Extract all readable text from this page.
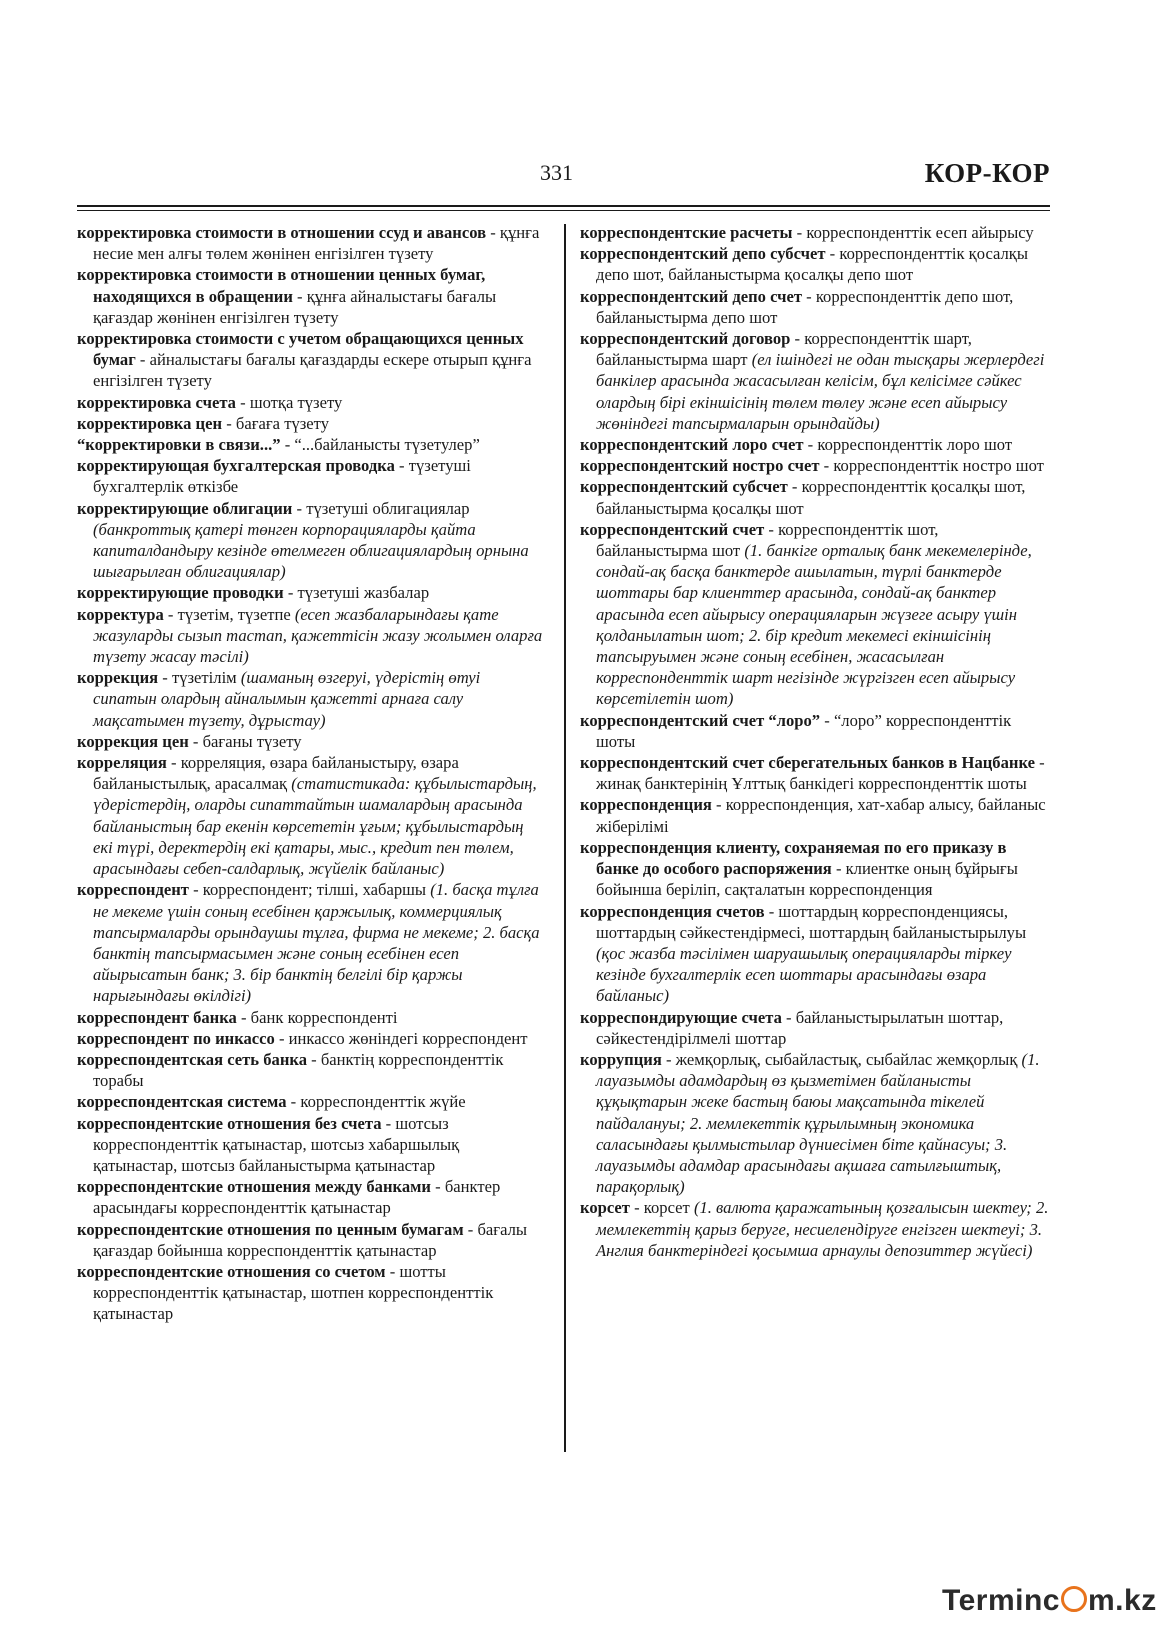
331	КОР-КОР

корректировка стоимости в отношении ссуд и авансов - құнға несие мен алғы төлем жөнінен енгізілген түзету

корректировка стоимости в отношении ценных бумаг, находящихся в обращении - құнға айналыстағы бағалы қағаздар жөнінен енгізілген түзету

корректировка стоимости с учетом обращающихся ценных бумаг - айналыстағы бағалы қағаздарды ескере отырып құнға енгізілген түзету

корректировка счета - шотқа түзету

корректировка цен - бағаға түзету

“корректировки в связи...” - “...байланысты түзетулер”

корректирующая бухгалтерская проводка - түзетуші бухгалтерлік өткізбе

корректирующие облигации - түзетуші облигациялар (банкроттық қатері төнген корпорацияларды қайта капиталдандыру кезінде өтелмеген облигациялардың орнына шығарылған облигациялар)

корректирующие проводки - түзетуші жазбалар

корректура - түзетім, түзетпе (есеп жазбаларындағы қате жазуларды сызып тастап, қажеттісін жазу жолымен оларға түзету жасау тәсілі)

коррекция - түзетілім (шаманың өзгеруі, үдерістің өтуі сипатын олардың айналымын қажетті арнаға салу мақсатымен түзету, дұрыстау)

коррекция цен - бағаны түзету

корреляция - корреляция, өзара байланыстыру, өзара байланыстылық, арасалмақ (статистикада: құбылыстардың, үдерістердің, оларды сипаттайтын шамалардың арасында байланыстың бар екенін көрсететін ұғым; құбылыстардың екі түрі, деректердің екі қатары, мыс., кредит пен төлем, арасындағы себеп-салдарлық, жүйелік байланыс)

корреспондент - корреспондент; тілші, хабаршы (1. басқа тұлға не мекеме үшін соның есебінен қаржылық, коммерциялық тапсырмаларды орындаушы тұлға, фирма не мекеме; 2. басқа банктің тапсырмасымен және соның есебінен есеп айырысатын банк; 3. бір банктің белгілі бір қаржы нарығындағы өкілдігі)

корреспондент банка - банк корреспонденті

корреспондент по инкассо - инкассо жөніндегі корреспондент

корреспондентская сеть банка - банктің корреспонденттік торабы

корреспондентская система - корреспонденттік жүйе

корреспондентские отношения без счета - шотсыз корреспонденттік қатынастар, шотсыз хабаршылық қатынастар, шотсыз байланыстырма қатынастар

корреспондентские отношения между банками - банктер арасындағы корреспонденттік қатынастар

корреспондентские отношения по ценным бумагам - бағалы қағаздар бойынша корреспонденттік қатынастар

корреспондентские отношения со счетом - шотты корреспонденттік қатынастар, шотпен корреспонденттік қатынастар

корреспондентские расчеты - корреспонденттік есеп айырысу

корреспондентский депо субсчет - корреспонденттік қосалқы депо шот, байланыстырма қосалқы депо шот

корреспондентский депо счет - корреспонденттік депо шот, байланыстырма депо шот

корреспондентский договор - корреспонденттік шарт, байланыстырма шарт (ел ішіндегі не одан тысқары жерлердегі банкілер арасында жасасылған келісім, бұл келісімге сәйкес олардың бірі екіншісінің төлем төлеу және есеп айырысу жөніндегі тапсырмаларын орындайды)

корреспондентский лоро счет - корреспонденттік лоро шот

корреспондентский ностро счет - корреспонденттік ностро шот

корреспондентский субсчет - корреспонденттік қосалқы шот, байланыстырма қосалқы шот

корреспондентский счет - корреспонденттік шот, байланыстырма шот (1. банкіге орталық банк мекемелерінде, сондай-ақ басқа банктерде ашылатын, түрлі банктерде шоттары бар клиенттер арасында, сондай-ақ банктер арасында есеп айырысу операцияларын жүзеге асыру үшін қолданылатын шот; 2. бір кредит мекемесі екіншісінің тапсыруымен және соның есебінен, жасасылған корреспонденттік шарт негізінде жүргізген есеп айырысу көрсетілетін шот)

корреспондентский счет “лоро” - “лоро” корреспонденттік шоты

корреспондентский счет сберегательных банков в Нацбанке - жинақ банктерінің Ұлттық банкідегі корреспонденттік шоты

корреспонденция - корреспонденция, хат-хабар алысу, байланыс жіберілімі

корреспонденция клиенту, сохраняемая по его приказу в банке до особого распоряжения - клиентке оның бұйрығы бойынша беріліп, сақталатын корреспонденция

корреспонденция счетов - шоттардың корреспонденциясы, шоттардың сәйкестендірмесі, шоттардың байланыстырылуы (қос жазба тәсілімен шаруашылық операцияларды тіркеу кезінде бухгалтерлік есеп шоттары арасындағы өзара байланыс)

корреспондирующие счета - байланыстырылатын шоттар, сәйкестендірілмелі шоттар

коррупция - жемқорлық, сыбайластық, сыбайлас жемқорлық (1. лауазымды адамдардың өз қызметімен байланысты құқықтарын жеке бастың баюы мақсатында тікелей пайдалануы; 2. мемлекеттік құрылымның экономика саласындағы қылмыстылар дүниесімен біте қайнасуы; 3. лауазымды адамдар арасындағы ақшаға сатылғыштық, парақорлық)

корсет - корсет (1. валюта қаражатының қозғалысын шектеу; 2. мемлекеттің қарыз беруге, несиелендіруге енгізген шектеуі; 3. Англия банктеріндегі қосымша арнаулы депозиттер жүйесі)

Terminc m.kz
